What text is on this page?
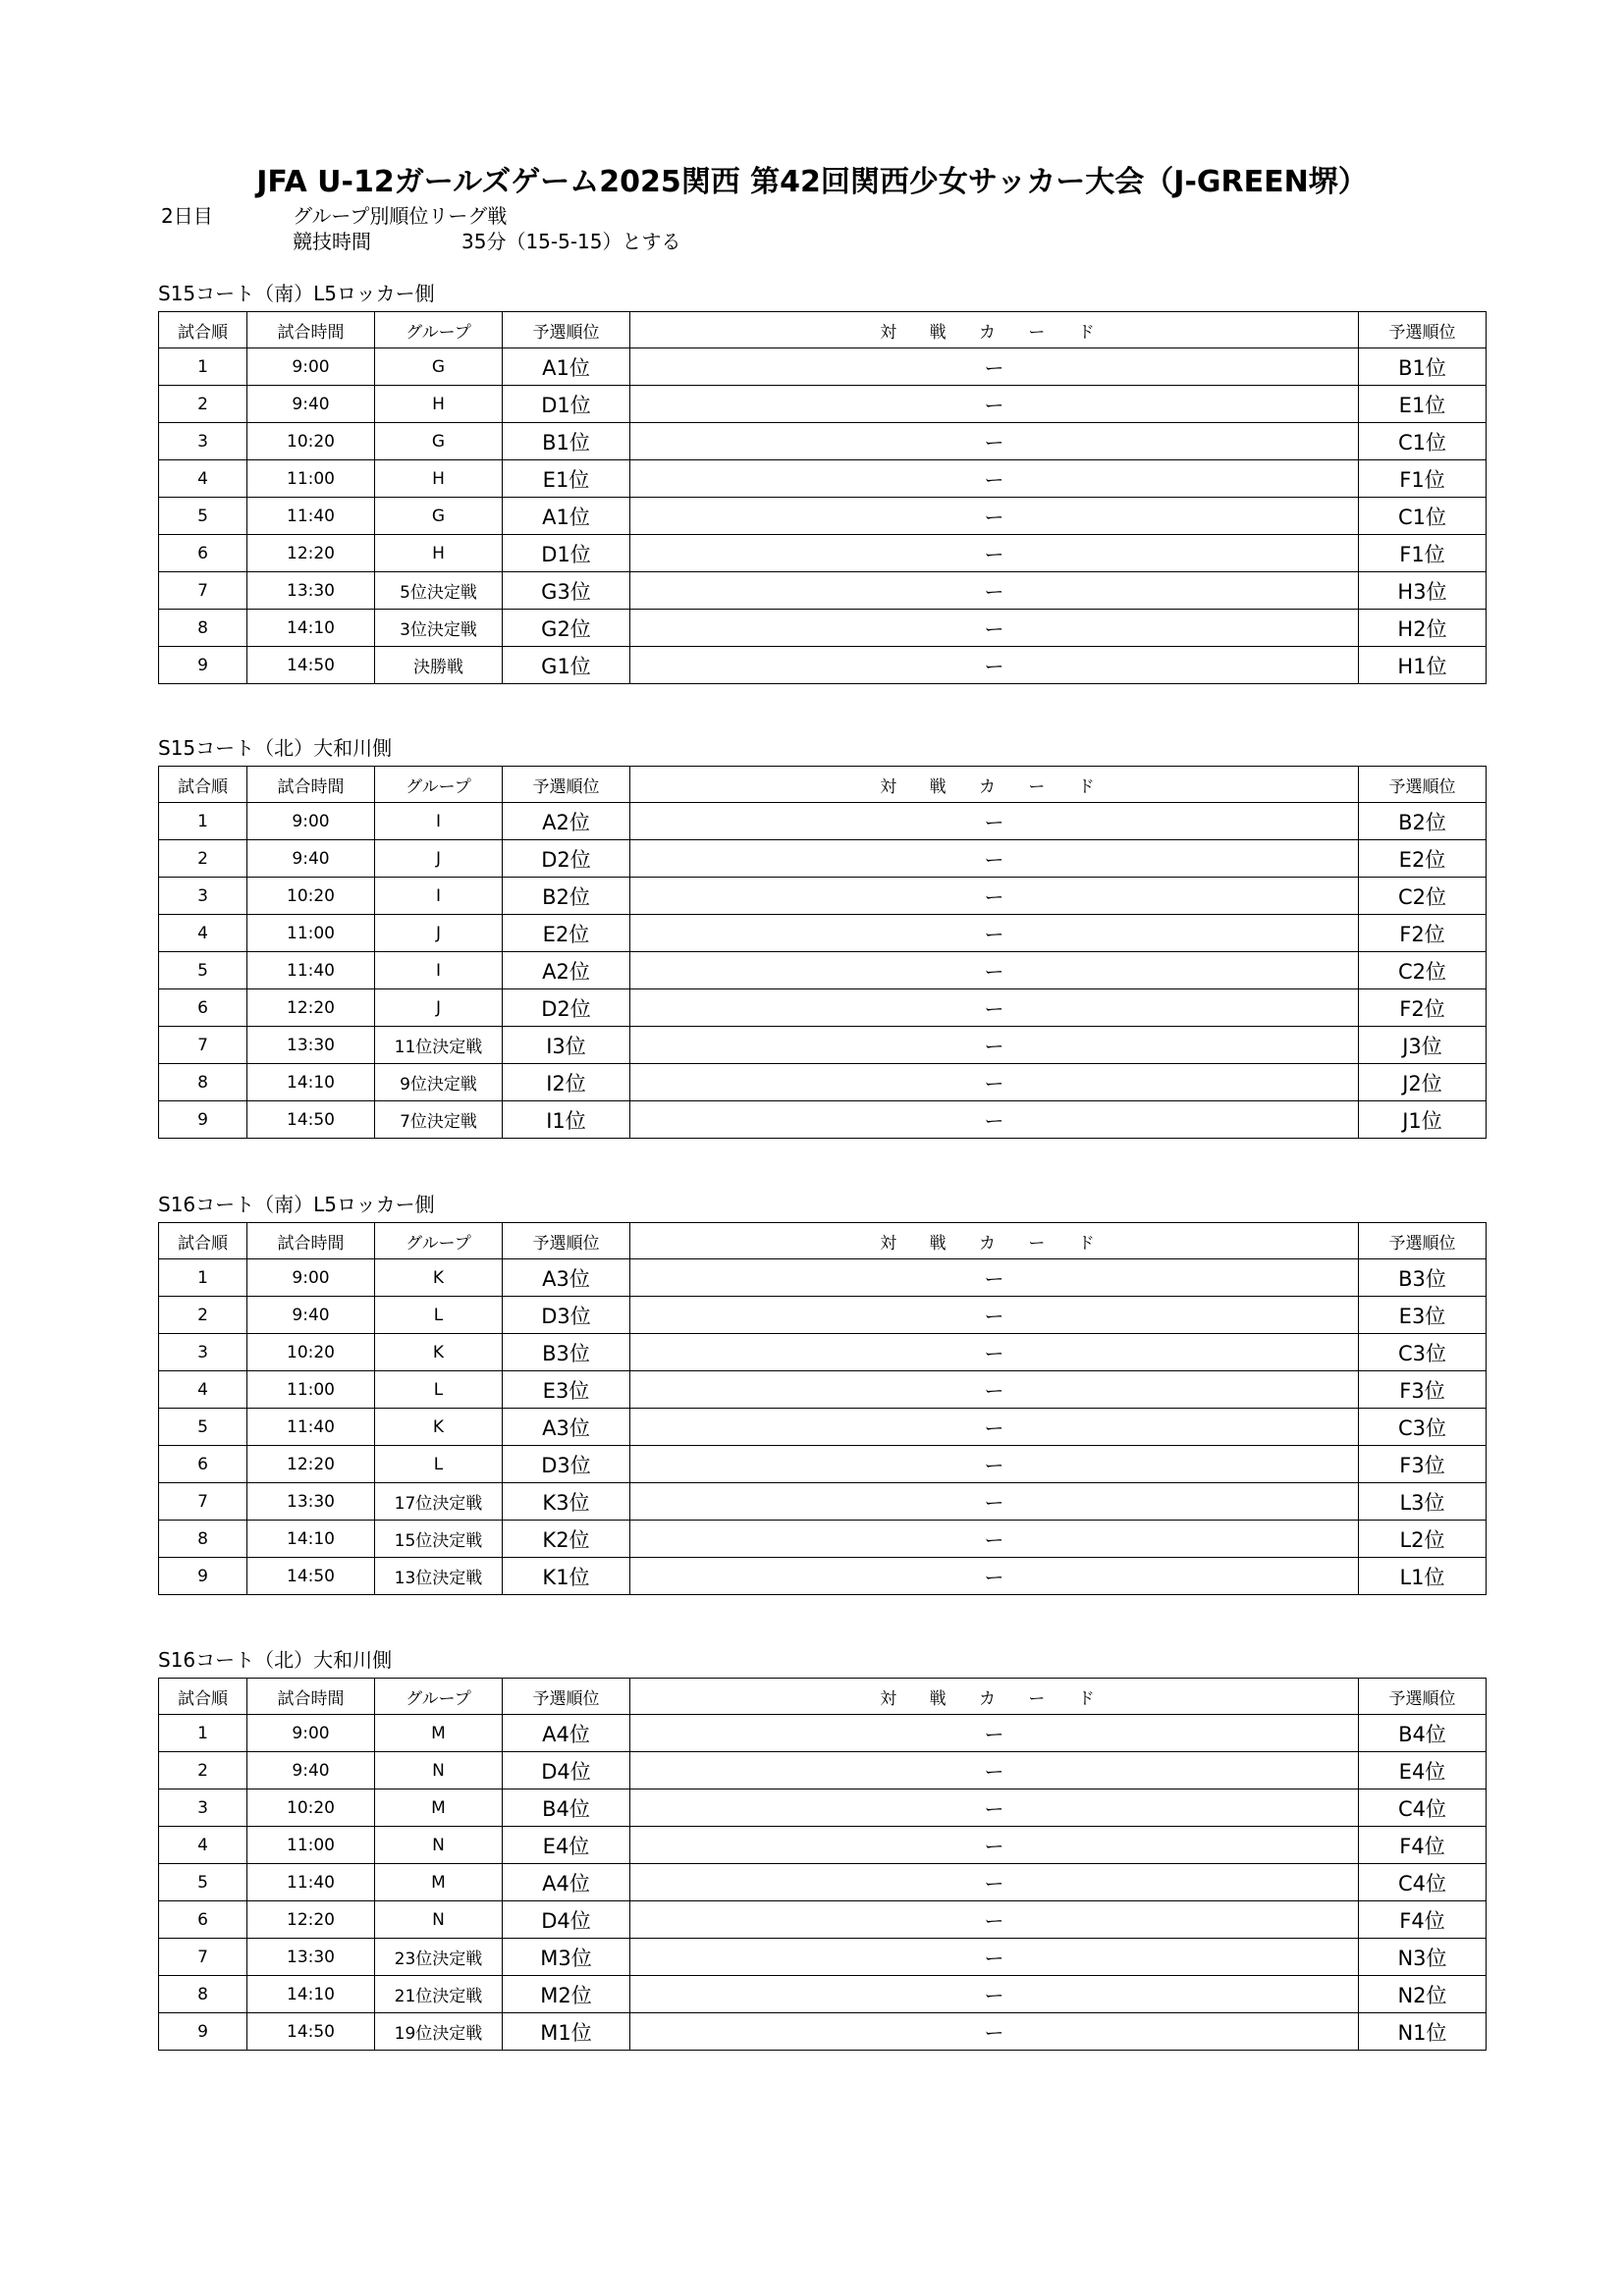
JFA U-12ガールズゲーム2025関西 第42回関西少女サッカー大会（J-GREEN堺）
2日目	グループ別順位リーグ戦
競技時間	35分（15-5-15）とする
S15コート（南）L5ロッカー側
試合順	試合時間	グループ	予選順位	対 戦 カ ー ド	予選順位
1	9:00	G	A1位	ー	B1位
2	9:40	H	D1位	ー	E1位
3	10:20	G	B1位	ー	C1位
4	11:00	H	E1位	ー	F1位
5	11:40	G	A1位	ー	C1位
6	12:20	H	D1位	ー	F1位
7	13:30	5位決定戦	G3位	ー	H3位
8	14:10	3位決定戦	G2位	ー	H2位
9	14:50	決勝戦	G1位	ー	H1位
S15コート（北）大和川側
試合順	試合時間	グループ	予選順位	対 戦 カ ー ド	予選順位
1	9:00	I	A2位	ー	B2位
2	9:40	J	D2位	ー	E2位
3	10:20	I	B2位	ー	C2位
4	11:00	J	E2位	ー	F2位
5	11:40	I	A2位	ー	C2位
6	12:20	J	D2位	ー	F2位
7	13:30	11位決定戦	I3位	ー	J3位
8	14:10	9位決定戦	I2位	ー	J2位
9	14:50	7位決定戦	I1位	ー	J1位
S16コート（南）L5ロッカー側
試合順	試合時間	グループ	予選順位	対 戦 カ ー ド	予選順位
1	9:00	K	A3位	ー	B3位
2	9:40	L	D3位	ー	E3位
3	10:20	K	B3位	ー	C3位
4	11:00	L	E3位	ー	F3位
5	11:40	K	A3位	ー	C3位
6	12:20	L	D3位	ー	F3位
7	13:30	17位決定戦	K3位	ー	L3位
8	14:10	15位決定戦	K2位	ー	L2位
9	14:50	13位決定戦	K1位	ー	L1位
S16コート（北）大和川側
試合順	試合時間	グループ	予選順位	対 戦 カ ー ド	予選順位
1	9:00	M	A4位	ー	B4位
2	9:40	N	D4位	ー	E4位
3	10:20	M	B4位	ー	C4位
4	11:00	N	E4位	ー	F4位
5	11:40	M	A4位	ー	C4位
6	12:20	N	D4位	ー	F4位
7	13:30	23位決定戦	M3位	ー	N3位
8	14:10	21位決定戦	M2位	ー	N2位
9	14:50	19位決定戦	M1位	ー	N1位
